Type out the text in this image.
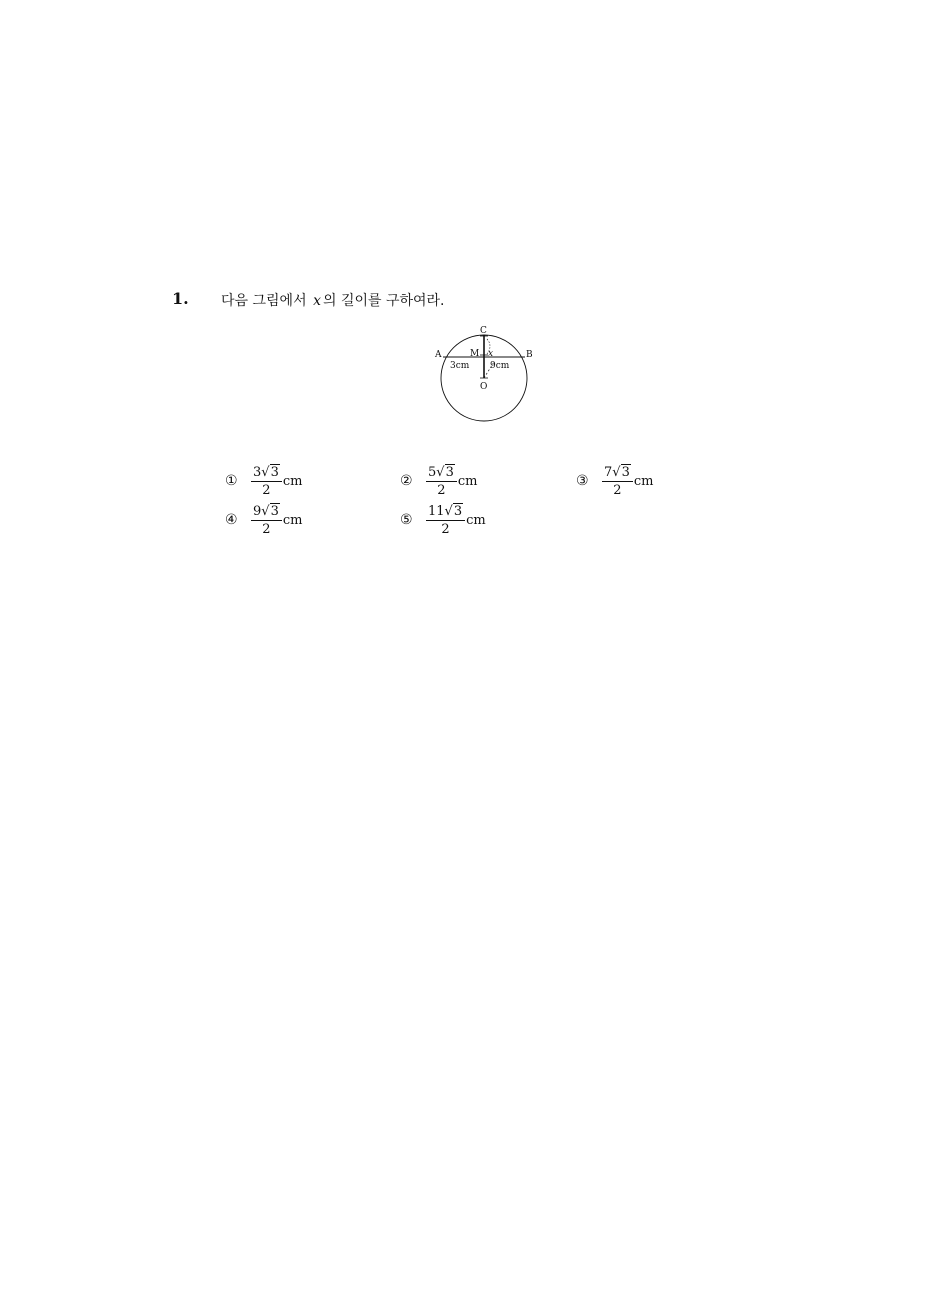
1. 다음 그림에서 x 의 길이를 구하여라.
C
A	B
M x
O
3cm 9cm
①	$\frac{3√3}{2}$ cm	②	$\frac{5√3}{2}$ cm	③	$\frac{7√3}{2}$ cm
④	$\frac{9√3}{2}$ cm	⑤	$\frac{11√3}{2}$ cm
